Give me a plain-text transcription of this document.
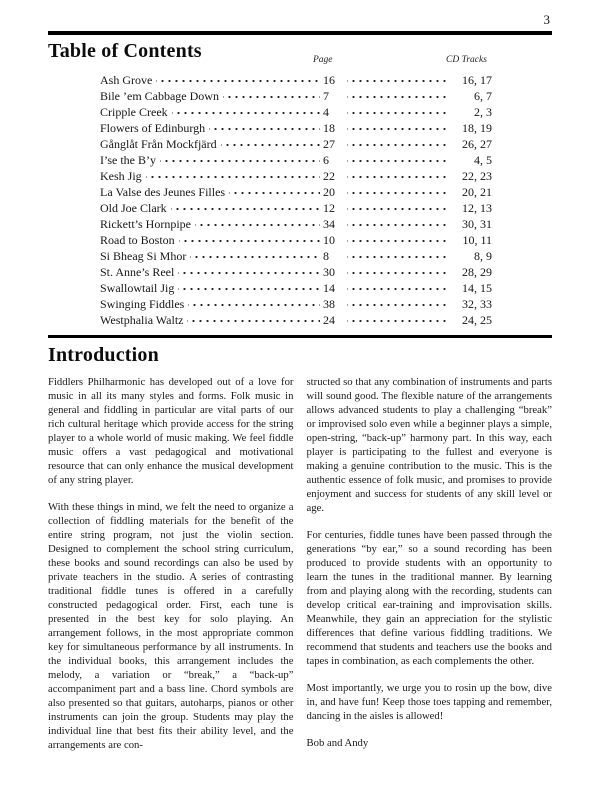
3
Table of Contents	Page	CD Tracks
Ash Grove	16	16, 17
Bile ’em Cabbage Down	7	6, 7
Cripple Creek	4	2, 3
Flowers of Edinburgh	18	18, 19
Gånglåt Från Mockfjärd	27	26, 27
I’se the B’y	6	4, 5
Kesh Jig	22	22, 23
La Valse des Jeunes Filles	20	20, 21
Old Joe Clark	12	12, 13
Rickett’s Hornpipe	34	30, 31
Road to Boston	10	10, 11
Si Bheag Si Mhor	8	8, 9
St. Anne’s Reel	30	28, 29
Swallowtail Jig	14	14, 15
Swinging Fiddles	38	32, 33
Westphalia Waltz	24	24, 25
Introduction

Fiddlers Philharmonic has developed out of a love for music in all its many styles and forms. Folk music in general and fiddling in particular are vital parts of our rich cultural heritage which provide access for the string player to a whole world of music making. We feel fiddle music offers a vast pedagogical and motivational resource that can only enhance the musical development of any string player.

With these things in mind, we felt the need to organize a collection of fiddling materials for the benefit of the entire string program, not just the violin section. Designed to complement the school string curriculum, these books and sound recordings can also be used by private teachers in the studio. A series of contrasting traditional fiddle tunes is offered in a carefully constructed pedagogical order. First, each tune is presented in the best key for solo playing. An arrangement follows, in the most appropriate common key for simultaneous performance by all instruments. In the individual books, this arrangement includes the melody, a variation or “break,” a “back-up” accompaniment part and a bass line. Chord symbols are also presented so that guitars, autoharps, pianos or other instruments can join the group. Students may play the individual line that best fits their ability level, and the arrangements are con-

structed so that any combination of instruments and parts will sound good. The flexible nature of the arrangements allows advanced students to play a challenging “break” or improvised solo even while a beginner plays a simple, open-string, “back-up” harmony part. In this way, each player is participating to the fullest and everyone is making a genuine contribution to the music. This is the authentic essence of folk music, and promises to provide enjoyment and success for students of any skill level or age.

For centuries, fiddle tunes have been passed through the generations “by ear,” so a sound recording has been produced to provide students with an opportunity to learn the tunes in the traditional manner. By learning from and playing along with the recording, students can develop critical ear-training and improvisation skills. Meanwhile, they gain an appreciation for the stylistic differences that define various fiddling traditions. We recommend that students and teachers use the books and tapes in combination, as each complements the other.

Most importantly, we urge you to rosin up the bow, dive in, and have fun! Keep those toes tapping and remember, dancing in the aisles is allowed!

Bob and Andy
